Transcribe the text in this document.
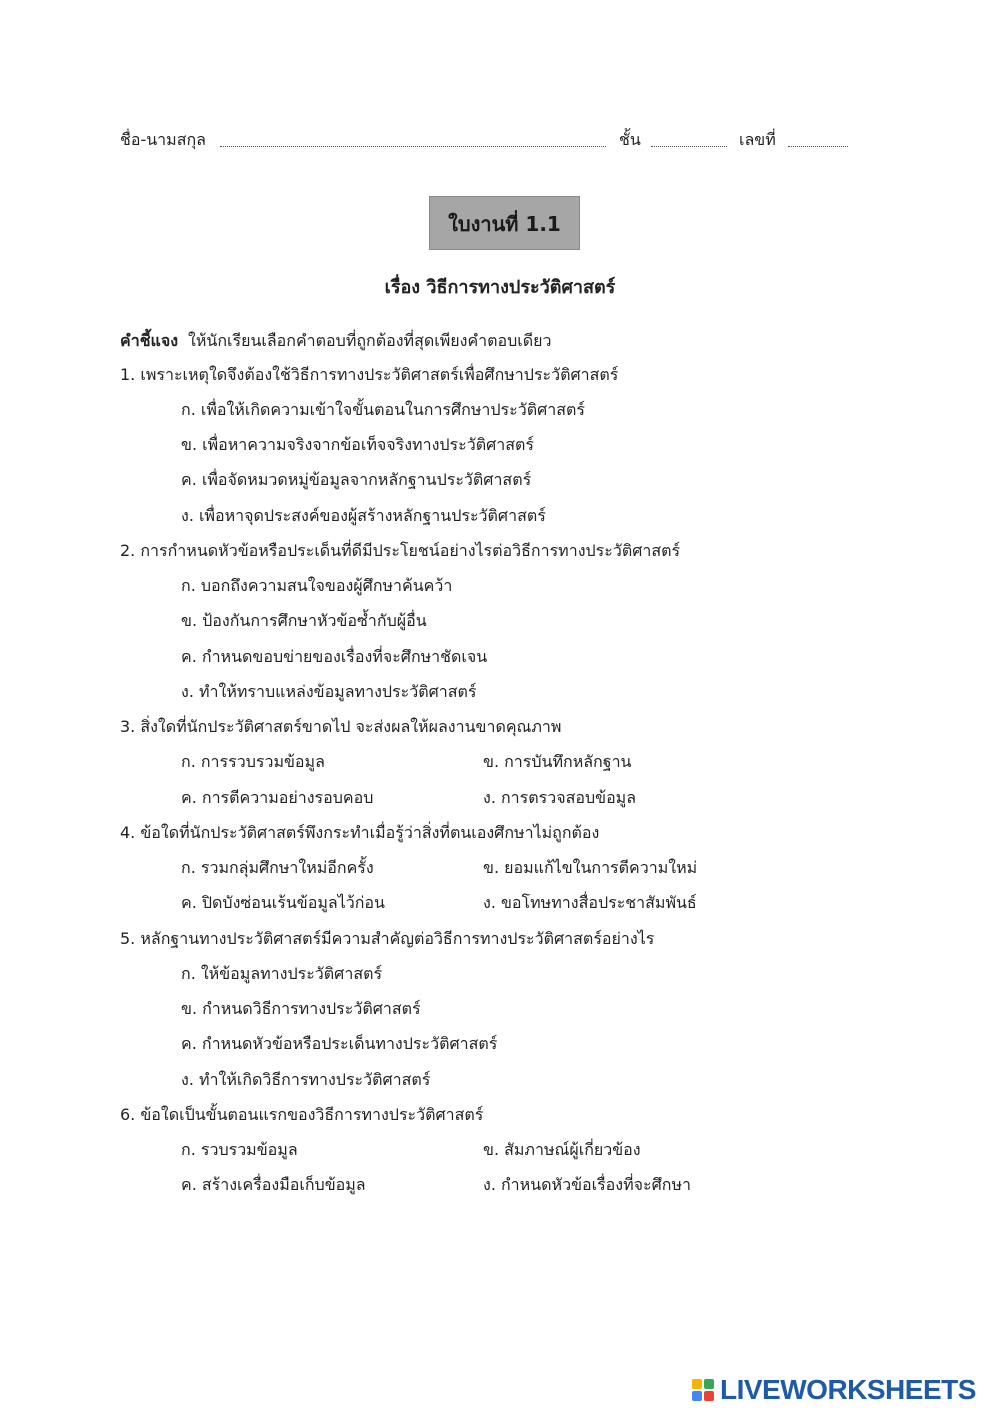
ชื่อ-นามสกุล	ชั้น	เลขที่
ใบงานที่ 1.1
เรื่อง วิธีการทางประวัติศาสตร์
คำชี้แจง ให้นักเรียนเลือกคำตอบที่ถูกต้องที่สุดเพียงคำตอบเดียว
1. เพราะเหตุใดจึงต้องใช้วิธีการทางประวัติศาสตร์เพื่อศึกษาประวัติศาสตร์
ก. เพื่อให้เกิดความเข้าใจขั้นตอนในการศึกษาประวัติศาสตร์
ข. เพื่อหาความจริงจากข้อเท็จจริงทางประวัติศาสตร์
ค. เพื่อจัดหมวดหมู่ข้อมูลจากหลักฐานประวัติศาสตร์
ง. เพื่อหาจุดประสงค์ของผู้สร้างหลักฐานประวัติศาสตร์
2. การกำหนดหัวข้อหรือประเด็นที่ดีมีประโยชน์อย่างไรต่อวิธีการทางประวัติศาสตร์
ก. บอกถึงความสนใจของผู้ศึกษาค้นคว้า
ข. ป้องกันการศึกษาหัวข้อซ้ำกับผู้อื่น
ค. กำหนดขอบข่ายของเรื่องที่จะศึกษาชัดเจน
ง. ทำให้ทราบแหล่งข้อมูลทางประวัติศาสตร์
3. สิ่งใดที่นักประวัติศาสตร์ขาดไป จะส่งผลให้ผลงานขาดคุณภาพ
ก. การรวบรวมข้อมูล	ข. การบันทึกหลักฐาน
ค. การตีความอย่างรอบคอบ	ง. การตรวจสอบข้อมูล
4. ข้อใดที่นักประวัติศาสตร์พึงกระทำเมื่อรู้ว่าสิ่งที่ตนเองศึกษาไม่ถูกต้อง
ก. รวมกลุ่มศึกษาใหม่อีกครั้ง	ข. ยอมแก้ไขในการตีความใหม่
ค. ปิดบังซ่อนเร้นข้อมูลไว้ก่อน	ง. ขอโทษทางสื่อประชาสัมพันธ์
5. หลักฐานทางประวัติศาสตร์มีความสำคัญต่อวิธีการทางประวัติศาสตร์อย่างไร
ก. ให้ข้อมูลทางประวัติศาสตร์
ข. กำหนดวิธีการทางประวัติศาสตร์
ค. กำหนดหัวข้อหรือประเด็นทางประวัติศาสตร์
ง. ทำให้เกิดวิธีการทางประวัติศาสตร์
6. ข้อใดเป็นขั้นตอนแรกของวิธีการทางประวัติศาสตร์
ก. รวบรวมข้อมูล	ข. สัมภาษณ์ผู้เกี่ยวข้อง
ค. สร้างเครื่องมือเก็บข้อมูล	ง. กำหนดหัวข้อเรื่องที่จะศึกษา
LIVEWORKSHEETS
